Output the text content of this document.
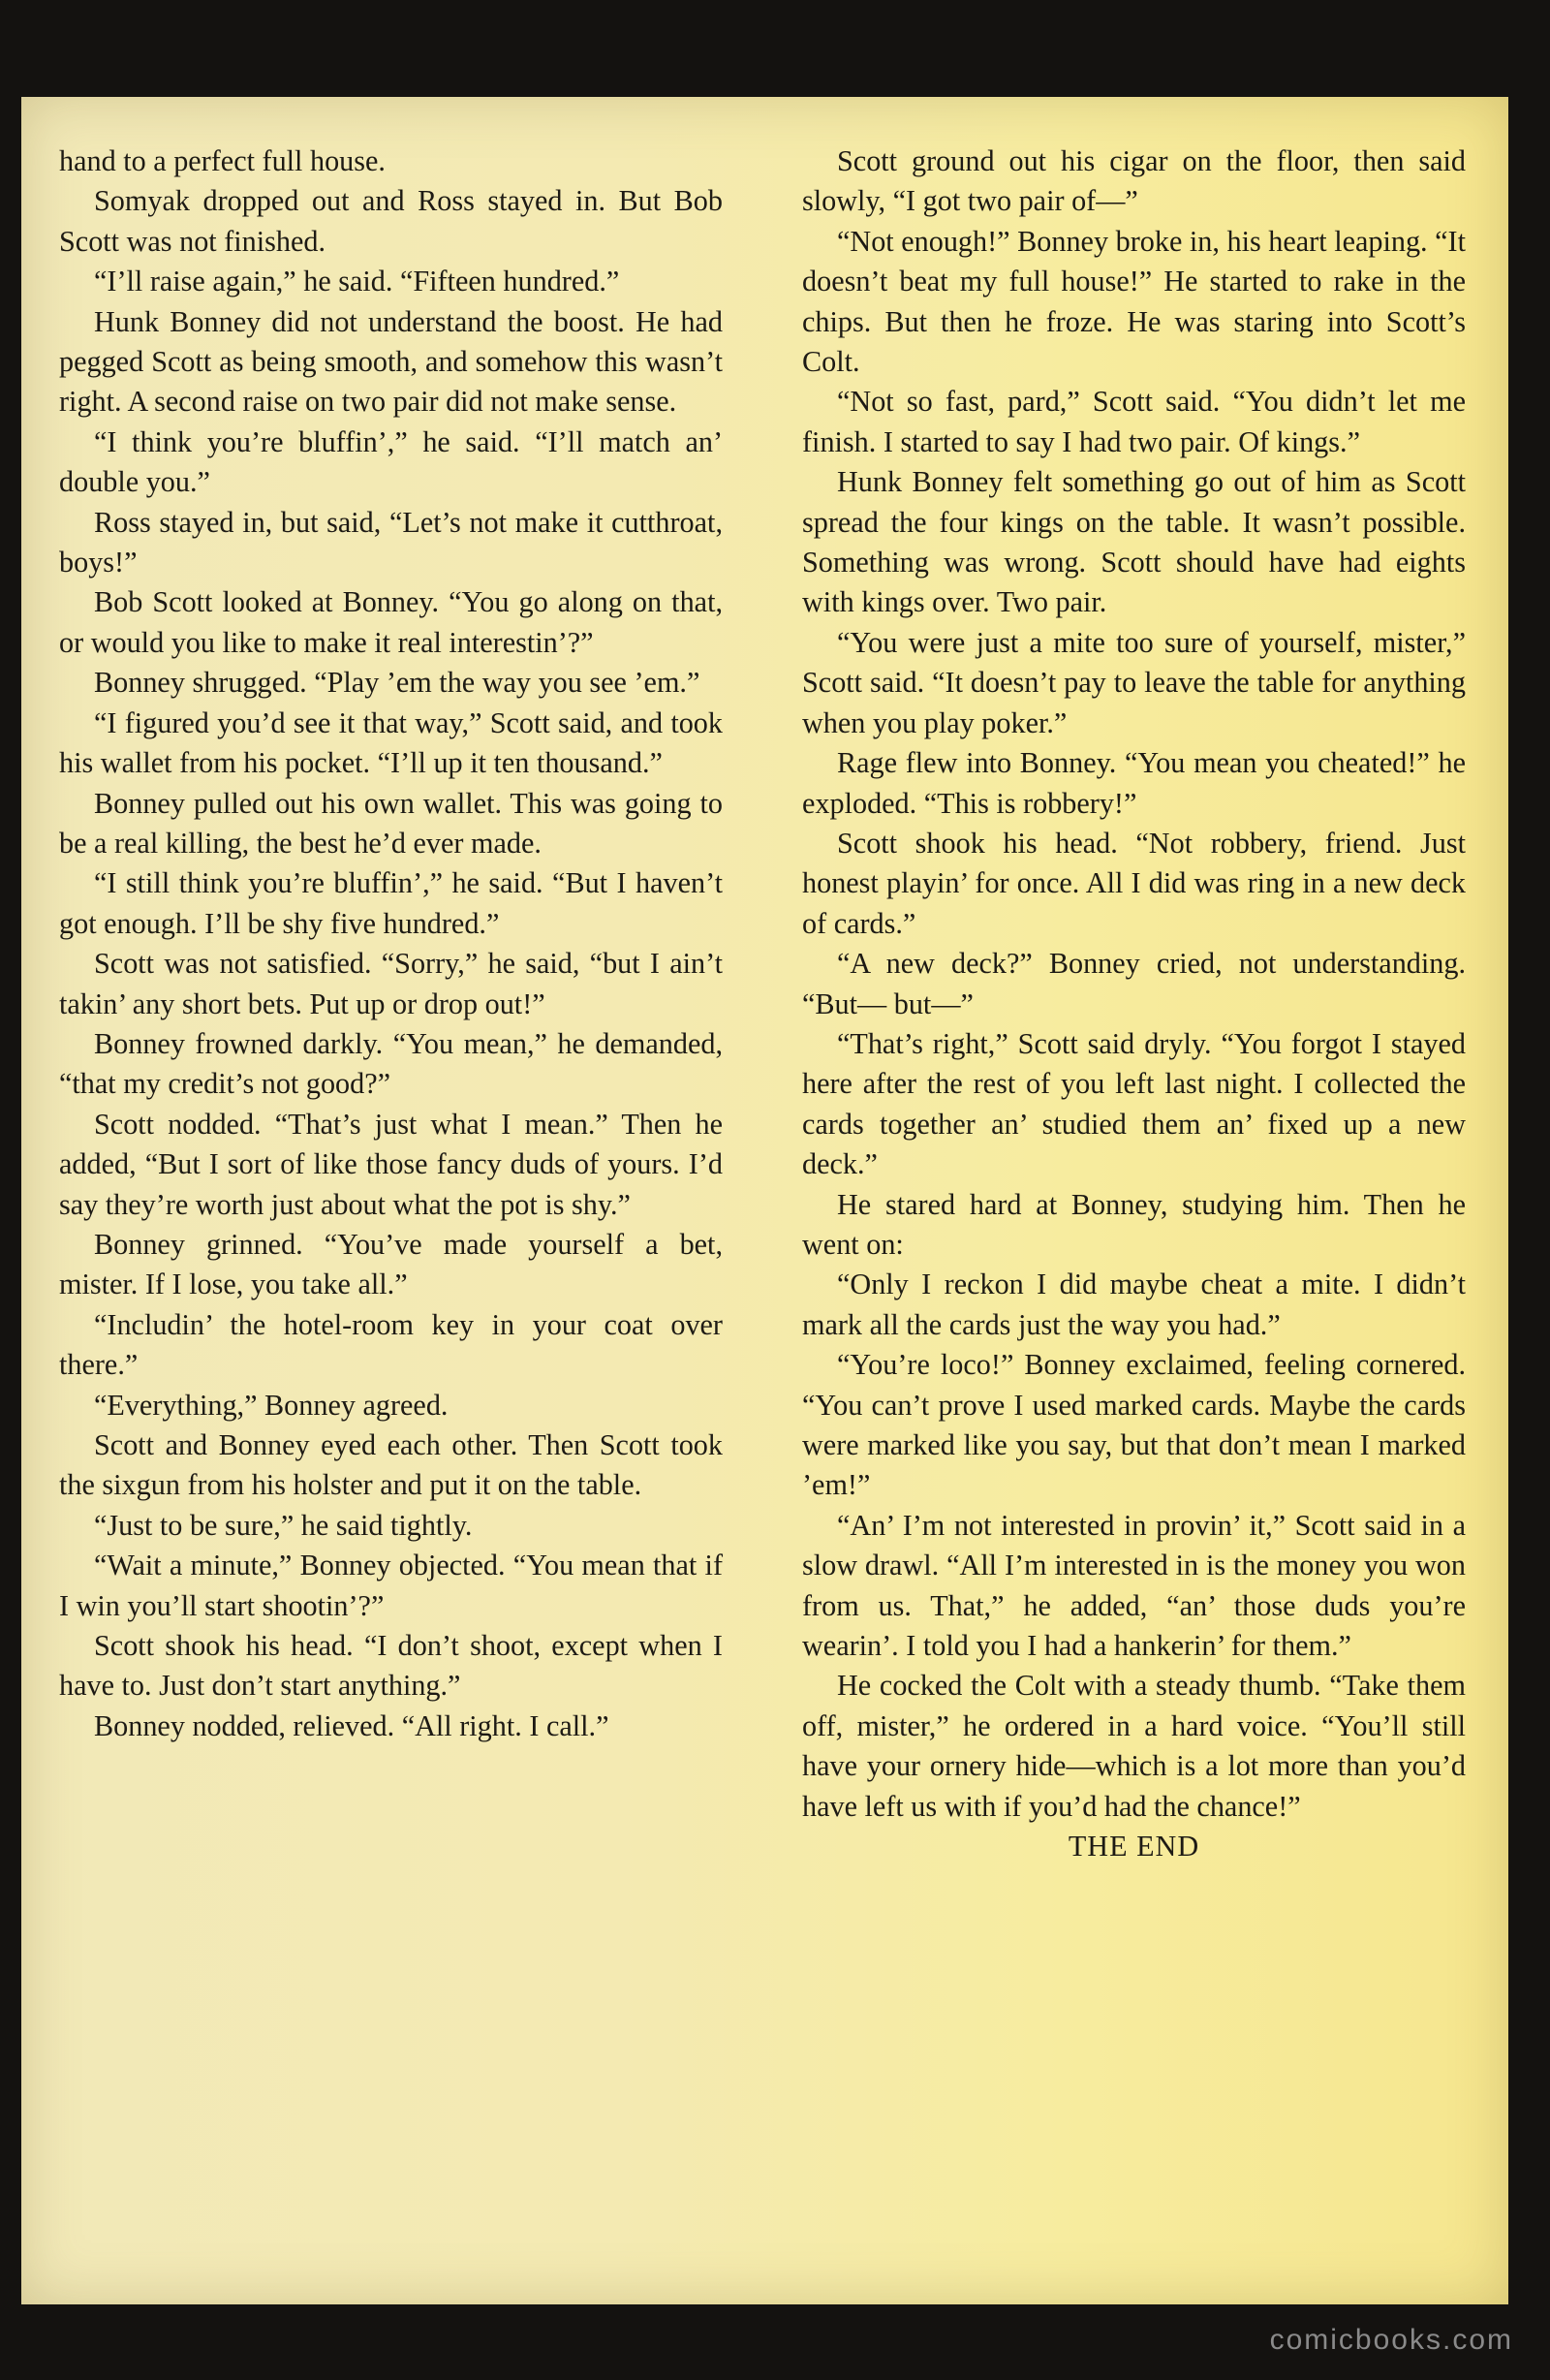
hand to a perfect full house.

Somyak dropped out and Ross stayed in. But Bob Scott was not finished.

“I’ll raise again,” he said. “Fifteen hundred.”

Hunk Bonney did not understand the boost. He had pegged Scott as being smooth, and somehow this wasn’t right. A second raise on two pair did not make sense.

“I think you’re bluffin’,” he said. “I’ll match an’ double you.”

Ross stayed in, but said, “Let’s not make it cutthroat, boys!”

Bob Scott looked at Bonney. “You go along on that, or would you like to make it real interestin’?”

Bonney shrugged. “Play ’em the way you see ’em.”

“I figured you’d see it that way,” Scott said, and took his wallet from his pocket. “I’ll up it ten thousand.”

Bonney pulled out his own wallet. This was going to be a real killing, the best he’d ever made.

“I still think you’re bluffin’,” he said. “But I haven’t got enough. I’ll be shy five hundred.”

Scott was not satisfied. “Sorry,” he said, “but I ain’t takin’ any short bets. Put up or drop out!”

Bonney frowned darkly. “You mean,” he demanded, “that my credit’s not good?”

Scott nodded. “That’s just what I mean.” Then he added, “But I sort of like those fancy duds of yours. I’d say they’re worth just about what the pot is shy.”

Bonney grinned. “You’ve made yourself a bet, mister. If I lose, you take all.”

“Includin’ the hotel-room key in your coat over there.”

“Everything,” Bonney agreed.

Scott and Bonney eyed each other. Then Scott took the sixgun from his holster and put it on the table.

“Just to be sure,” he said tightly.

“Wait a minute,” Bonney objected. “You mean that if I win you’ll start shootin’?”

Scott shook his head. “I don’t shoot, except when I have to. Just don’t start anything.”

Bonney nodded, relieved. “All right. I call.”

Scott ground out his cigar on the floor, then said slowly, “I got two pair of—”

“Not enough!” Bonney broke in, his heart leaping. “It doesn’t beat my full house!” He started to rake in the chips. But then he froze. He was staring into Scott’s Colt.

“Not so fast, pard,” Scott said. “You didn’t let me finish. I started to say I had two pair. Of kings.”

Hunk Bonney felt something go out of him as Scott spread the four kings on the table. It wasn’t possible. Something was wrong. Scott should have had eights with kings over. Two pair.

“You were just a mite too sure of yourself, mister,” Scott said. “It doesn’t pay to leave the table for anything when you play poker.”

Rage flew into Bonney. “You mean you cheated!” he exploded. “This is robbery!”

Scott shook his head. “Not robbery, friend. Just honest playin’ for once. All I did was ring in a new deck of cards.”

“A new deck?” Bonney cried, not understanding. “But— but—”

“That’s right,” Scott said dryly. “You forgot I stayed here after the rest of you left last night. I collected the cards together an’ studied them an’ fixed up a new deck.”

He stared hard at Bonney, studying him. Then he went on:

“Only I reckon I did maybe cheat a mite. I didn’t mark all the cards just the way you had.”

“You’re loco!” Bonney exclaimed, feeling cornered. “You can’t prove I used marked cards. Maybe the cards were marked like you say, but that don’t mean I marked ’em!”

“An’ I’m not interested in provin’ it,” Scott said in a slow drawl. “All I’m interested in is the money you won from us. That,” he added, “an’ those duds you’re wearin’. I told you I had a hankerin’ for them.”

He cocked the Colt with a steady thumb. “Take them off, mister,” he ordered in a hard voice. “You’ll still have your ornery hide—which is a lot more than you’d have left us with if you’d had the chance!”

THE END

comicbooks.com
